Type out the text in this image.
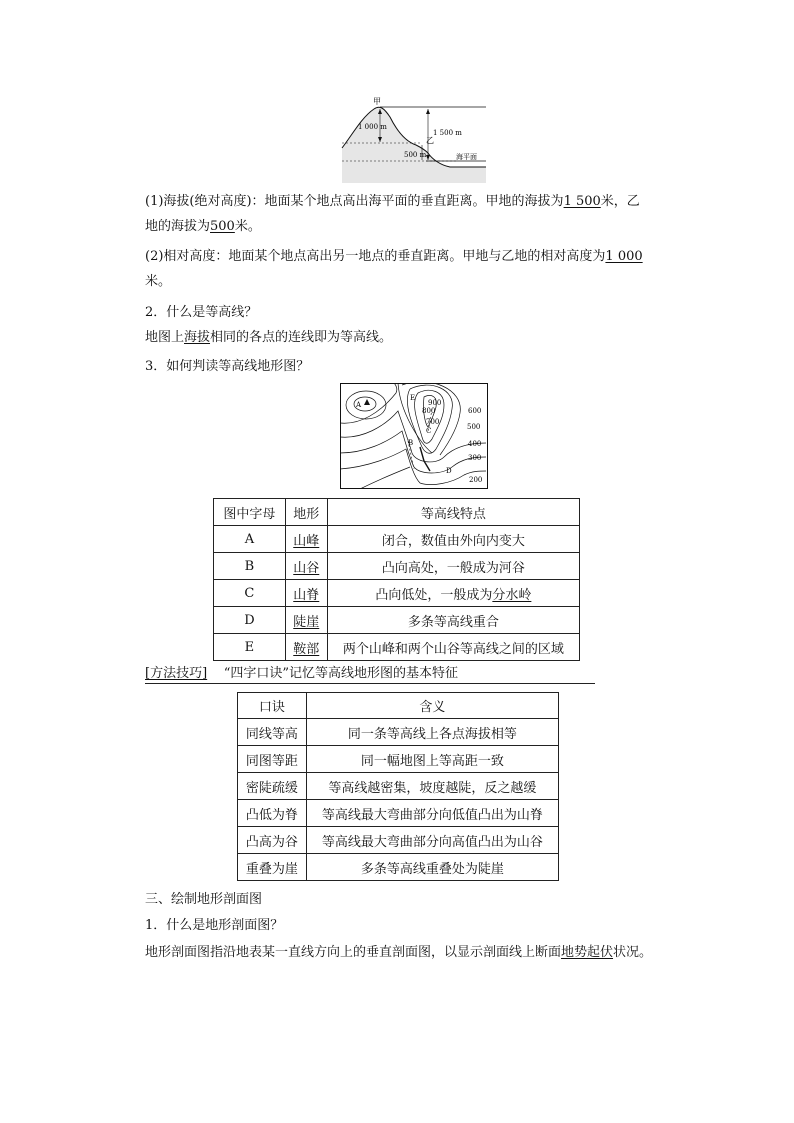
甲
乙
1 000 m
1 500 m
500 m	海平面
(1)海拔(绝对高度)：地面某个地点高出海平面的垂直距离。甲地的海拔为1 500米，乙
地的海拔为500米。
(2)相对高度：地面某个地点高出另一地点的垂直距离。甲地与乙地的相对高度为1 000
米。
2．什么是等高线？
地图上海拔相同的各点的连线即为等高线。
3．如何判读等高线地形图？
A
E
B
C
D
900
800
700
600
500
400
300
200
图中字母	地形	等高线特点
A	山峰	闭合，数值由外向内变大
B	山谷	凸向高处，一般成为河谷
C	山脊	凸向低处，一般成为分水岭
D	陡崖	多条等高线重合
E	鞍部	两个山峰和两个山谷等高线之间的区域
[方法技巧] “四字口诀”记忆等高线地形图的基本特征
口诀	含义
同线等高	同一条等高线上各点海拔相等
同图等距	同一幅地图上等高距一致
密陡疏缓	等高线越密集，坡度越陡，反之越缓
凸低为脊	等高线最大弯曲部分向低值凸出为山脊
凸高为谷	等高线最大弯曲部分向高值凸出为山谷
重叠为崖	多条等高线重叠处为陡崖
三、绘制地形剖面图
1．什么是地形剖面图？
地形剖面图指沿地表某一直线方向上的垂直剖面图，以显示剖面线上断面地势起伏状况。
